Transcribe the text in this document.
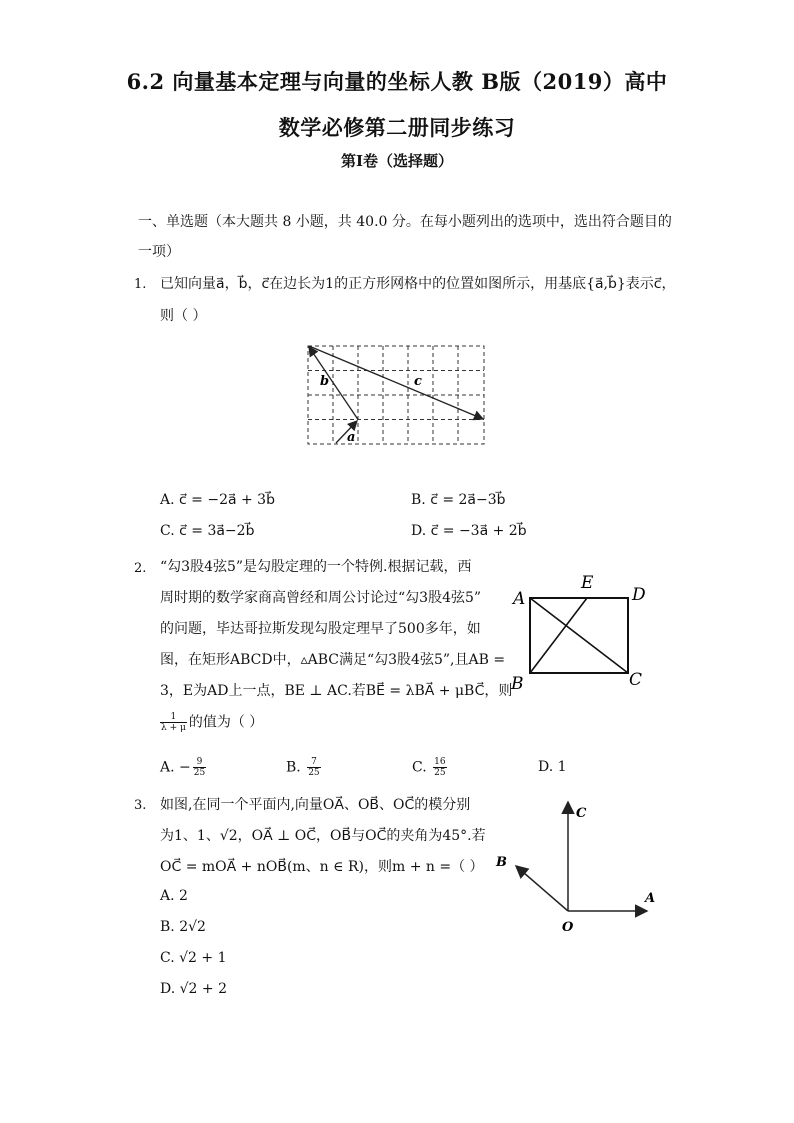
6.2 向量基本定理与向量的坐标人教 B版（2019）高中
数学必修第二册同步练习
第Ⅰ卷（选择题）
一、单选题（本大题共 8 小题，共 40.0 分。在每小题列出的选项中，选出符合题目的
一项）
1. 已知向量a⃗，b⃗，c⃗在边长为1的正方形网格中的位置如图所示，用基底{a⃗,b⃗}表示c⃗，
则（ ）
b	c
a
A. c⃗ = −2a⃗ + 3b⃗	B. c⃗ = 2a⃗−3b⃗
C. c⃗ = 3a⃗−2b⃗	D. c⃗ = −3a⃗ + 2b⃗
2. “勾3股4弦5”是勾股定理的一个特例.根据记载，西
周时期的数学家商高曾经和周公讨论过“勾3股4弦5”
的问题，毕达哥拉斯发现勾股定理早了500多年，如
图，在矩形ABCD中，▵ABC满足“勾3股4弦5”,且AB =
3，E为AD上一点，BE ⊥ AC.若BE⃗ = λBA⃗ + μBC⃗，则
$\frac{1}{\lambda + \mu}$ 的值为（ ）
A
E
D
B	C
A. − $\frac{9}{25}$	B. $\frac{7}{25}$	C. $\frac{16}{25}$	D. 1
3. 如图,在同一个平面内,向量OA⃗、OB⃗、OC⃗的模分别
为1、1、√2，OA⃗ ⊥ OC⃗，OB⃗与OC⃗的夹角为45°.若
OC⃗ = mOA⃗ + nOB⃗(m、n ∈ R)，则m + n =（ ）
C
B
O
A
A. 2
B. 2√2
C. √2 + 1
D. √2 + 2
